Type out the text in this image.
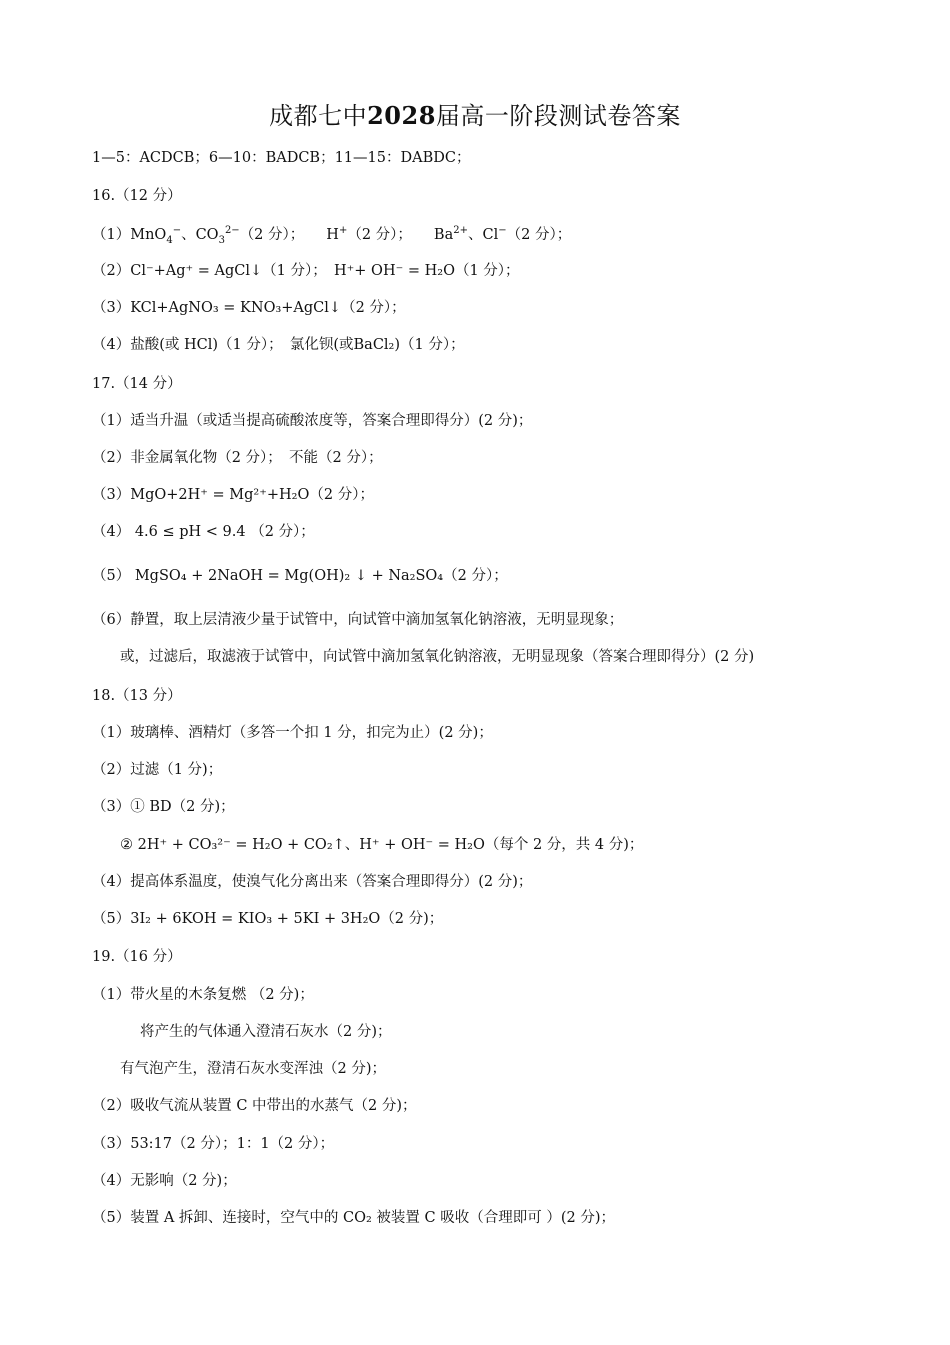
成都七中2028届高一阶段测试卷答案
1—5：ACDCB；6—10：BADCB；11—15：DABDC；
16.（12 分）
（1）MnO$_4$−、$CO_3^{2-}(2$ 分）； H+（2 分）； $Ba^{2+}$、Cl−（2 分）；
（2）Cl⁻+Ag⁺ = AgCl↓（1 分）；　H⁺+ OH⁻ = H₂O（1 分）；
（3）KCl+AgNO₃ = KNO₃+AgCl↓（2 分）；
（4）盐酸(或 HCl)（1 分）；　氯化钡(或BaCl₂)（1 分）；
17.（14 分）
（1）适当升温（或适当提高硫酸浓度等，答案合理即得分）(2 分)；
（2）非金属氧化物（2 分）；　不能（2 分）；
（3）MgO+2H⁺ = Mg²⁺+H₂O（2 分）；
（4） 4.6 ≤ pH < 9.4 （2 分）；
（5） MgSO₄ + 2NaOH = Mg(OH)₂ ↓ + Na₂SO₄（2 分）；
（6）静置，取上层清液少量于试管中，向试管中滴加氢氧化钠溶液，无明显现象；
或，过滤后，取滤液于试管中，向试管中滴加氢氧化钠溶液，无明显现象（答案合理即得分）(2 分)
18.（13 分）
（1）玻璃棒、酒精灯（多答一个扣 1 分，扣完为止）(2 分)；
（2）过滤（1 分)；
（3）① BD（2 分)；
② 2H⁺ + CO₃²⁻ = H₂O + CO₂↑、H⁺ + OH⁻ = H₂O（每个 2 分，共 4 分)；
（4）提高体系温度，使溴气化分离出来（答案合理即得分）(2 分)；
（5）3I₂ + 6KOH = KIO₃ + 5KI + 3H₂O（2 分)；
19.（16 分）
（1）带火星的木条复燃 （2 分)；
将产生的气体通入澄清石灰水（2 分)；
有气泡产生，澄清石灰水变浑浊（2 分)；
（2）吸收气流从装置 C 中带出的水蒸气（2 分)；
（3）53:17（2 分）；1：1（2 分）；
（4）无影响（2 分)；
（5）装置 A 拆卸、连接时，空气中的 CO₂ 被装置 C 吸收（合理即可 ）(2 分)；
